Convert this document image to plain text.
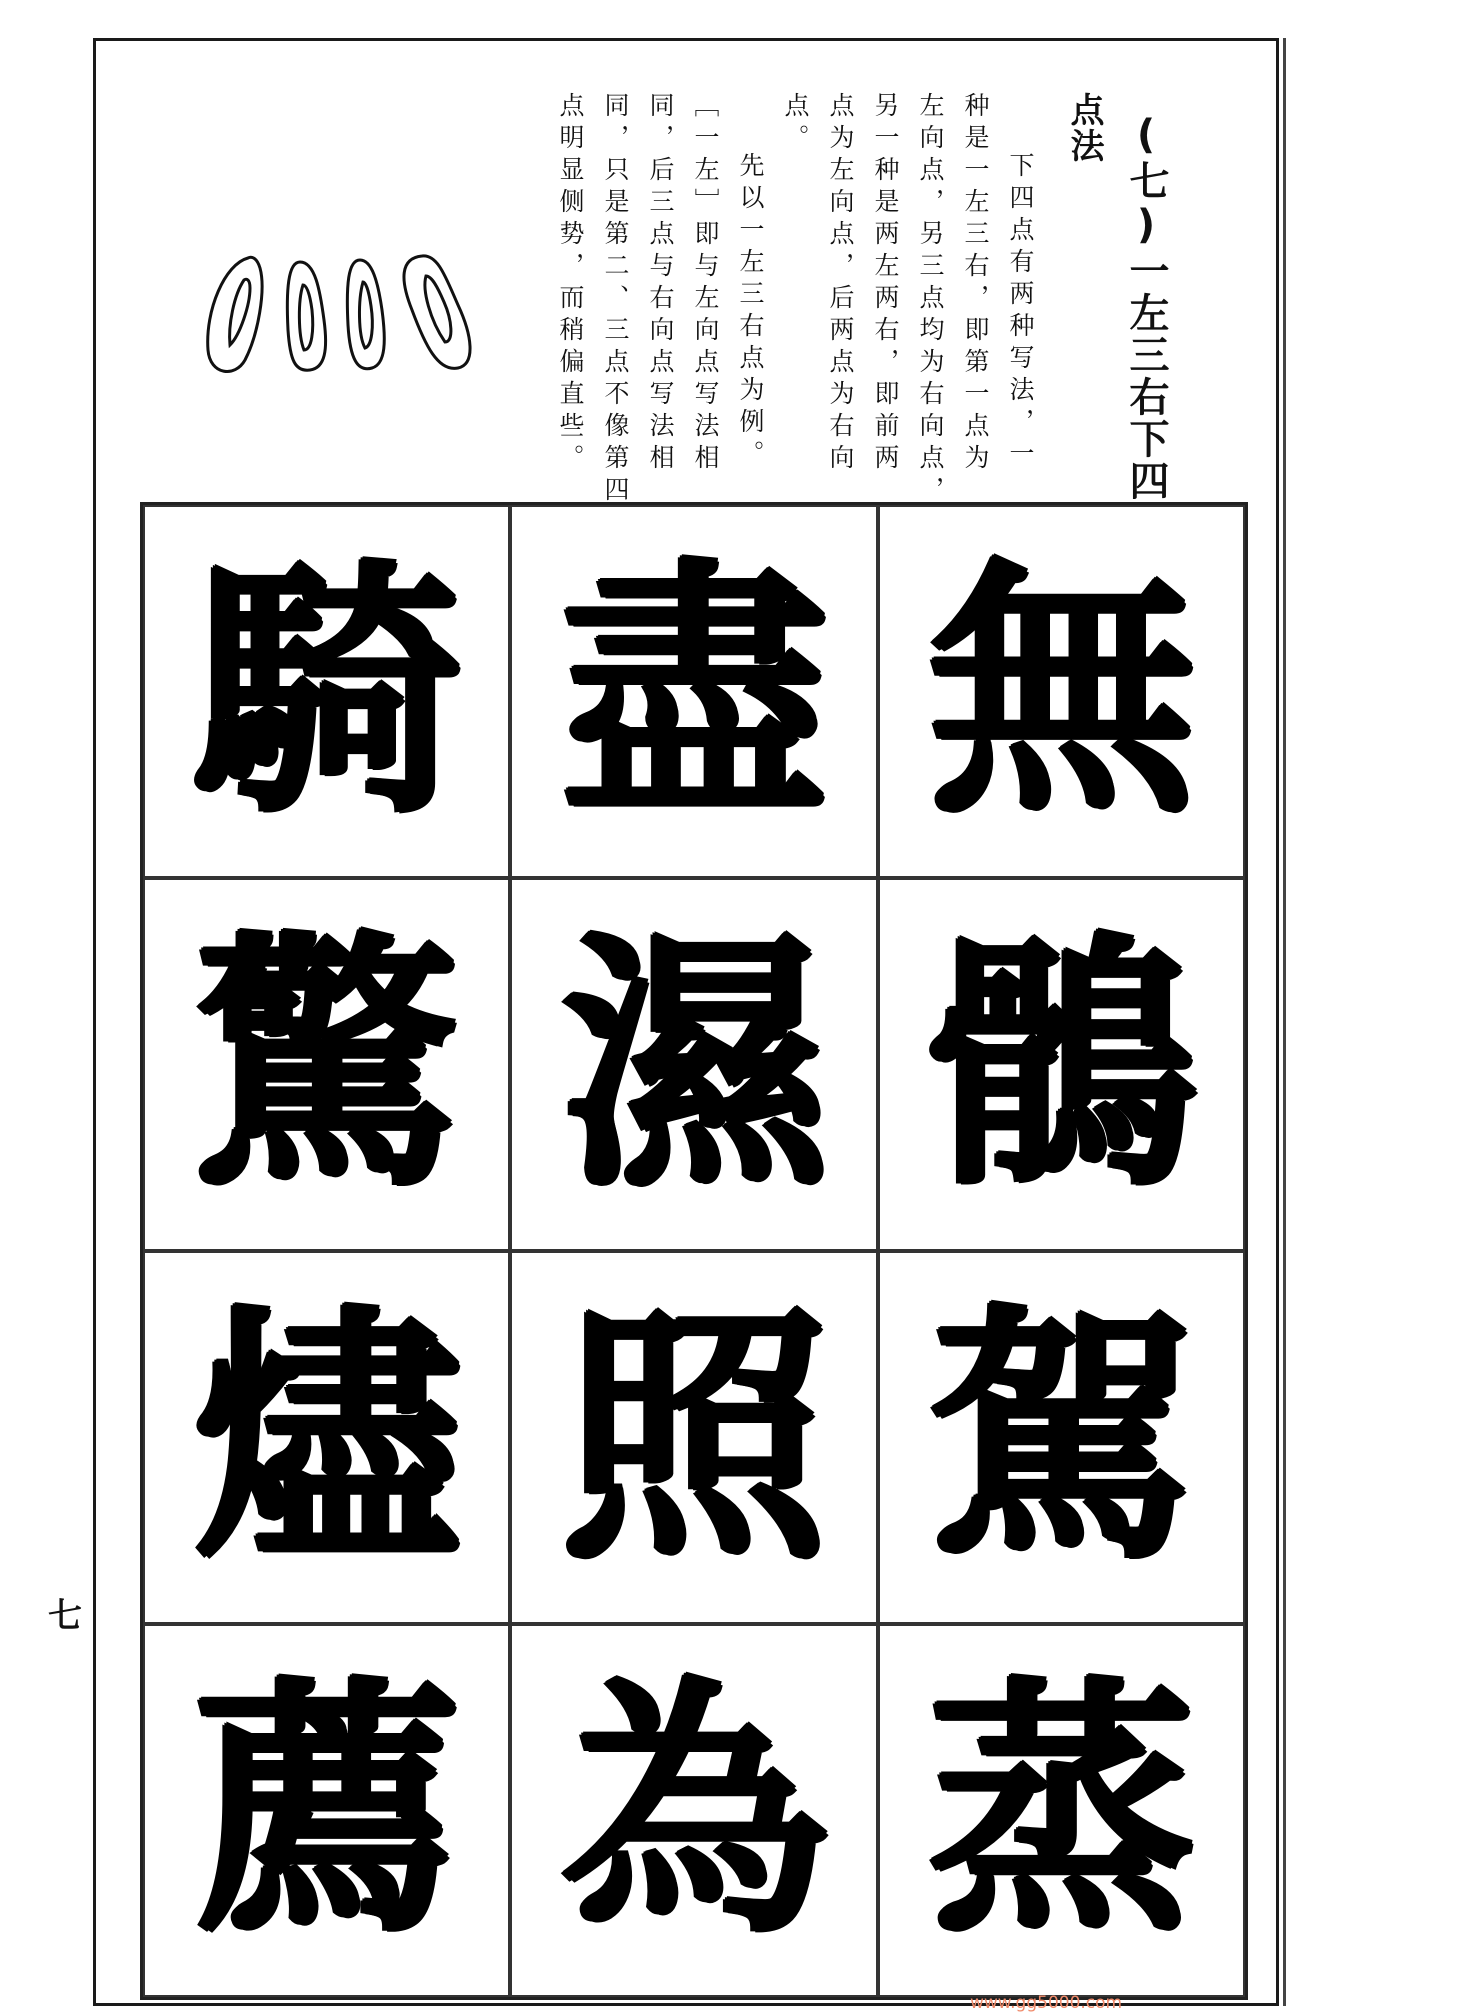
(七)一左三右下四
点法
下四点有两种写法，一
种是一左三右，即第一点为
左向点，另三点均为右向点，
另一种是两左两右，即前两
点为左向点，后两点为右向
点。
先以一左三右点为例。
［一左］即与左向点写法相
同，后三点与右向点写法相
同，只是第二、三点不像第四
点明显侧势，而稍偏直些。
騎 盡 無
驚 濕 鶻
燼 照 駕
薦 為 蒸
七
www.gg5000.com
